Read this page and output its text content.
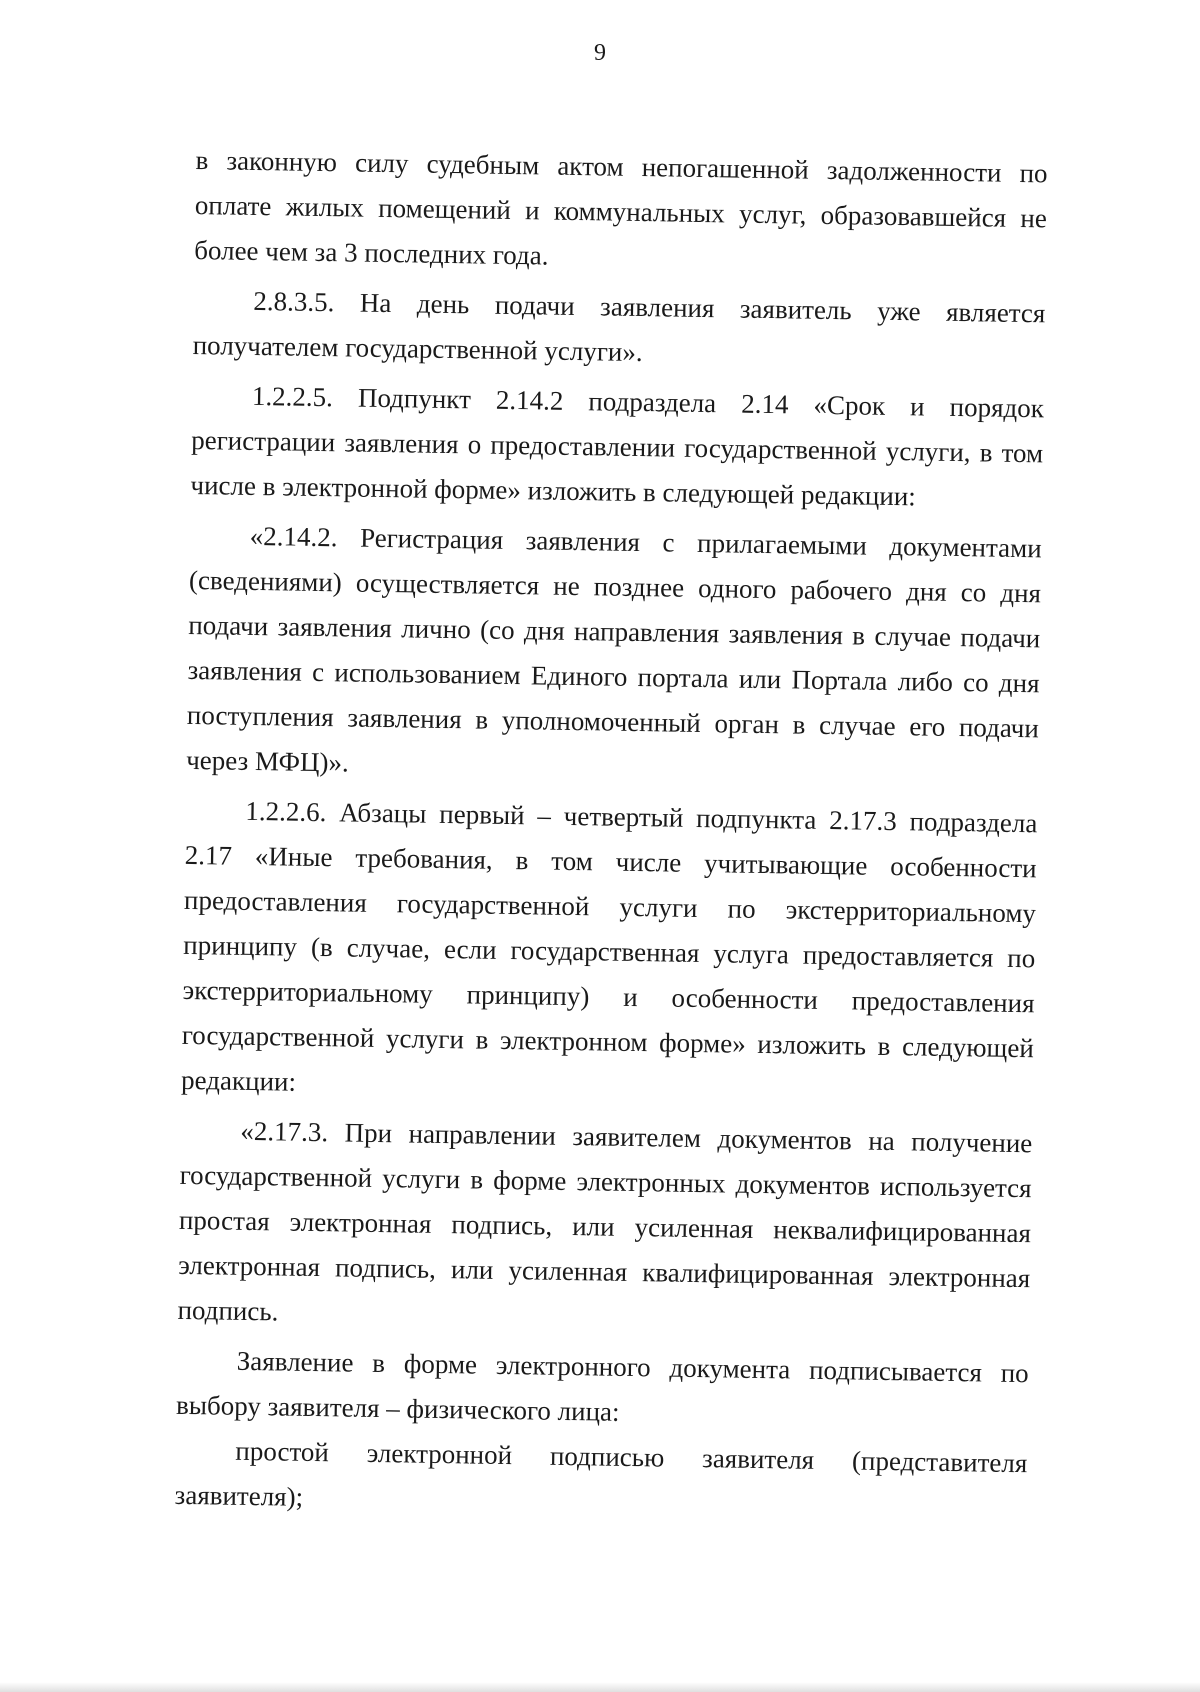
9

в законную силу судебным актом непогашенной задолженности по оплате жилых помещений и коммунальных услуг, образовавшейся не более чем за 3 последних года.

2.8.3.5. На день подачи заявления заявитель уже является получателем государственной услуги».

1.2.2.5. Подпункт 2.14.2 подраздела 2.14 «Срок и порядок регистрации заявления о предоставлении государственной услуги, в том числе в электронной форме» изложить в следующей редакции:

«2.14.2. Регистрация заявления с прилагаемыми документами (сведениями) осуществляется не позднее одного рабочего дня со дня подачи заявления лично (со дня направления заявления в случае подачи заявления с использованием Единого портала или Портала либо со дня поступления заявления в уполномоченный орган в случае его подачи через МФЦ)».

1.2.2.6. Абзацы первый – четвертый подпункта 2.17.3 подраздела 2.17 «Иные требования, в том числе учитывающие особенности предоставления государственной услуги по экстерриториальному принципу (в случае, если государственная услуга предоставляется по экстерриториальному принципу) и особенности предоставления государственной услуги в электронном форме» изложить в следующей редакции:

«2.17.3. При направлении заявителем документов на получение государственной услуги в форме электронных документов используется простая электронная подпись, или усиленная неквалифицированная электронная подпись, или усиленная квалифицированная электронная подпись.

Заявление в форме электронного документа подписывается по выбору заявителя – физического лица:

простой электронной подписью заявителя (представителя заявителя);
